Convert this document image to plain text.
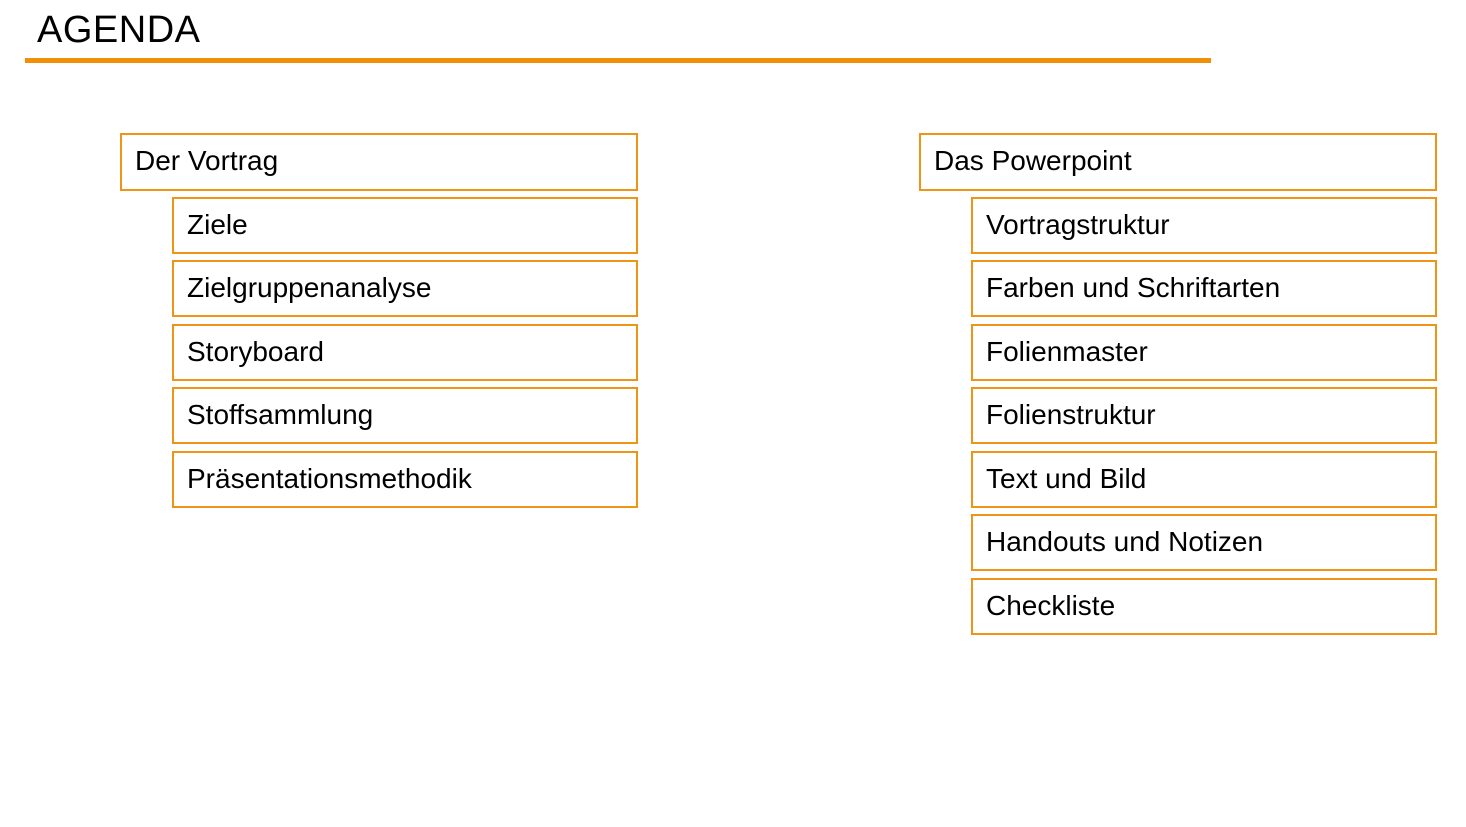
AGENDA
Der Vortrag
Ziele
Zielgruppenanalyse
Storyboard
Stoffsammlung
Präsentationsmethodik
Das Powerpoint
Vortragstruktur
Farben und Schriftarten
Folienmaster
Folienstruktur
Text und Bild
Handouts und Notizen
Checkliste
